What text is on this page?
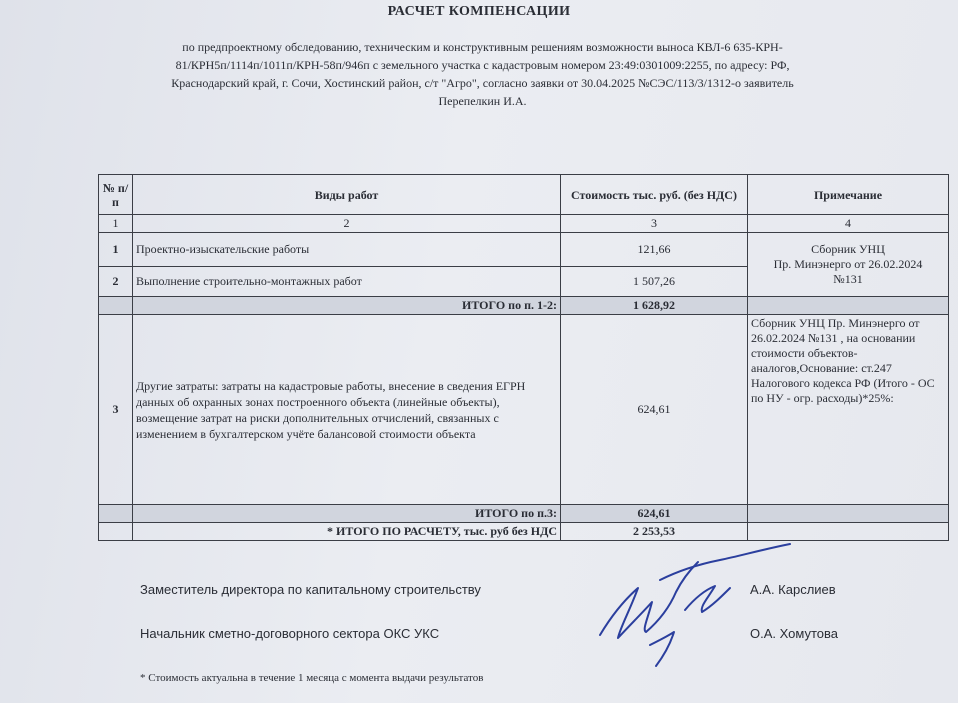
РАСЧЕТ КОМПЕНСАЦИИ
по предпроектному обследованию, техническим и конструктивным решениям возможности выноса КВЛ-6 635-КРН-
81/КРН5п/1114п/1011п/КРН-58п/946п с земельного участка с кадастровым номером 23:49:0301009:2255, по адресу: РФ,
Краснодарский край, г. Сочи, Хостинский район, с/т "Агро", согласно заявки от 30.04.2025 №СЭС/113/3/1312-о заявитель
Перепелкин И.А.
№ п/п	Виды работ	Стоимость тыс. руб. (без НДС)	Примечание
1	2	3	4
1	Проектно-изыскательские работы	121,66	Сборник УНЦ
Пр. Минэнерго от 26.02.2024
№131

2	Выполнение строительно-монтажных работ	1 507,26	
	ИТОГО по п. 1-2:	1 628,92	
3	Другие затраты: затраты на кадастровые работы, внесение в сведения ЕГРН данных об охранных зонах построенного объекта (линейные объекты), возмещение затрат на риски дополнительных отчислений, связанных с изменением в бухгалтерском учёте балансовой стоимости объекта	624,61	Сборник УНЦ Пр. Минэнерго от 26.02.2024 №131 , на основании стоимости объектов-аналогов,Основание: ст.247 Налогового кодекса РФ (Итого - ОС по НУ - огр. расходы)*25%:
	ИТОГО по п.3:	624,61	
	* ИТОГО ПО РАСЧЕТУ, тыс. руб без НДС	2 253,53	
Заместитель директора по капитальному строительству	А.А. Карслиев
Начальник сметно-договорного сектора ОКС УКС	О.А. Хомутова
* Стоимость актуальна в течение 1 месяца с момента выдачи результатов
